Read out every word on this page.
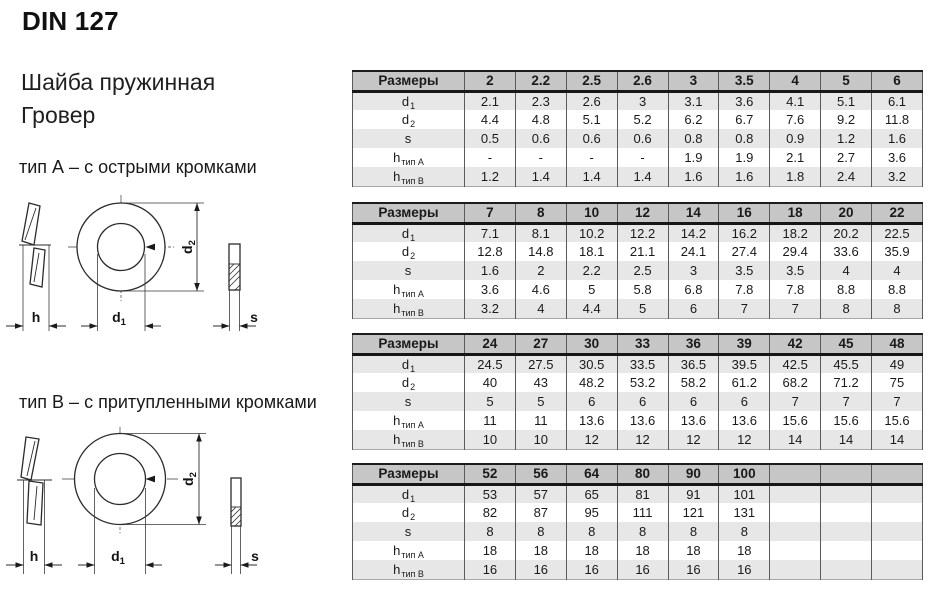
DIN 127
Шайба пружинная
Гровер
тип А – с острыми кромками
тип В – с притупленными кромками
h	$d_1$
$d_2$
s
h	$d_1$
$d_2$
s
Размеры	2	2.2	2.5	2.6	3	3.5	4	5	6
$d_1$	2.1	2.3	2.6	3	3.1	3.6	4.1	5.1	6.1
$d_2$	4.4	4.8	5.1	5.2	6.2	6.7	7.6	9.2	11.8
s	0.5	0.6	0.6	0.6	0.8	0.8	0.9	1.2	1.6
$h_{тип А}$	-	-	-	-	1.9	1.9	2.1	2.7	3.6
$h_{тип В}$	1.2	1.4	1.4	1.4	1.6	1.6	1.8	2.4	3.2
Размеры	7	8	10	12	14	16	18	20	22
$d_1$	7.1	8.1	10.2	12.2	14.2	16.2	18.2	20.2	22.5
$d_2$	12.8	14.8	18.1	21.1	24.1	27.4	29.4	33.6	35.9
s	1.6	2	2.2	2.5	3	3.5	3.5	4	4
$h_{тип А}$	3.6	4.6	5	5.8	6.8	7.8	7.8	8.8	8.8
$h_{тип В}$	3.2	4	4.4	5	6	7	7	8	8
Размеры	24	27	30	33	36	39	42	45	48
$d_1$	24.5	27.5	30.5	33.5	36.5	39.5	42.5	45.5	49
$d_2$	40	43	48.2	53.2	58.2	61.2	68.2	71.2	75
s	5	5	6	6	6	6	7	7	7
$h_{тип А}$	11	11	13.6	13.6	13.6	13.6	15.6	15.6	15.6
$h_{тип В}$	10	10	12	12	12	12	14	14	14
Размеры	52	56	64	80	90	100			
$d_1$	53	57	65	81	91	101			
$d_2$	82	87	95	111	121	131			
s	8	8	8	8	8	8			
$h_{тип А}$	18	18	18	18	18	18			
$h_{тип В}$	16	16	16	16	16	16			
